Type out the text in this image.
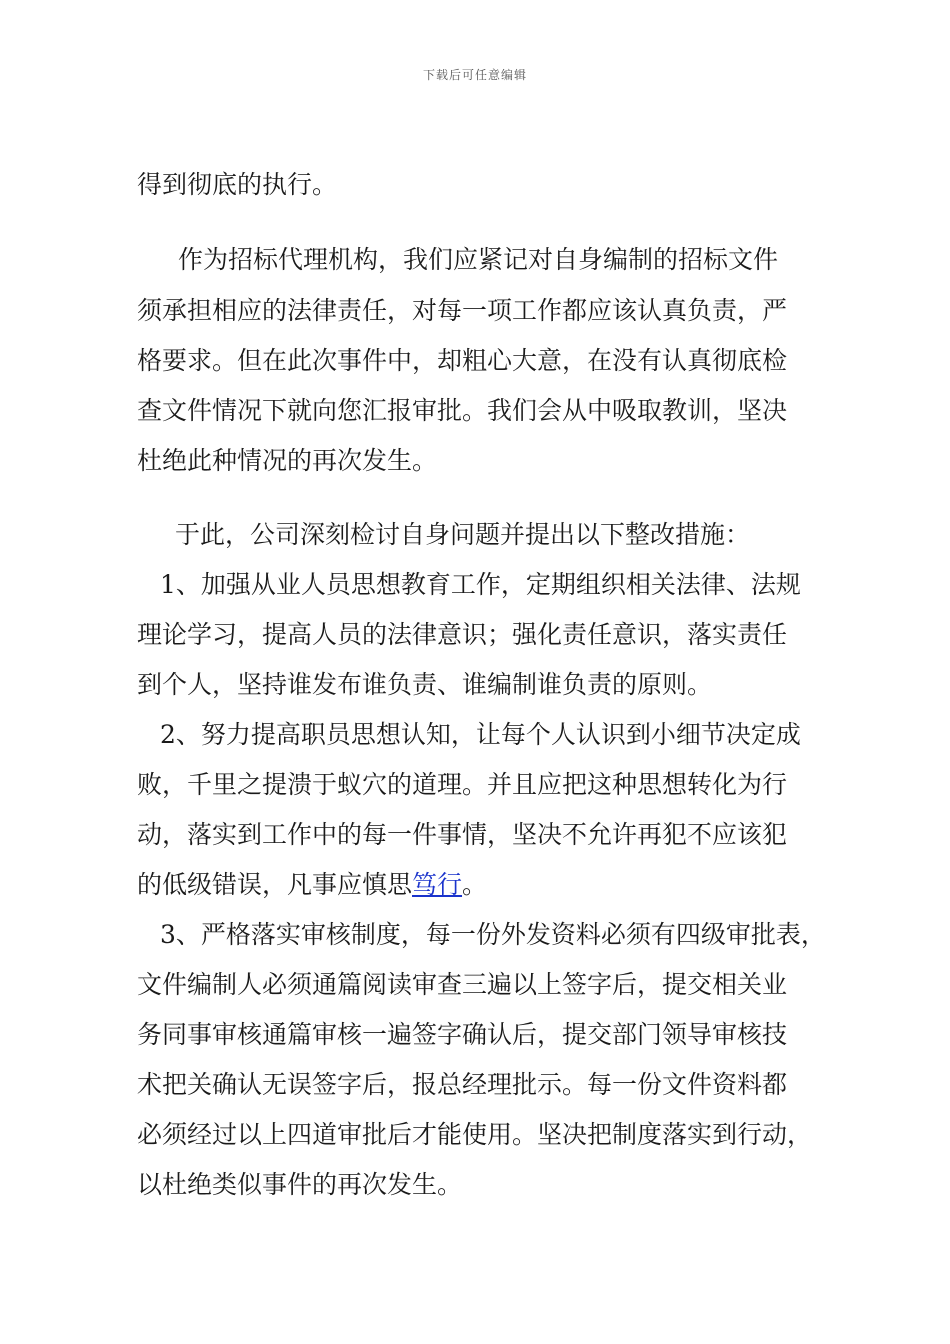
下载后可任意编辑
得到彻底的执行。
作为招标代理机构，我们应紧记对自身编制的招标文件
须承担相应的法律责任，对每一项工作都应该认真负责，严
格要求。但在此次事件中，却粗心大意，在没有认真彻底检
查文件情况下就向您汇报审批。我们会从中吸取教训，坚决
杜绝此种情况的再次发生。
于此，公司深刻检讨自身问题并提出以下整改措施：
1、加强从业人员思想教育工作，定期组织相关法律、法规
理论学习，提高人员的法律意识；强化责任意识，落实责任
到个人，坚持谁发布谁负责、谁编制谁负责的原则。
2、努力提高职员思想认知，让每个人认识到小细节决定成
败，千里之提溃于蚁穴的道理。并且应把这种思想转化为行
动，落实到工作中的每一件事情，坚决不允许再犯不应该犯
的低级错误，凡事应慎思笃行。
3、严格落实审核制度，每一份外发资料必须有四级审批表，
文件编制人必须通篇阅读审查三遍以上签字后，提交相关业
务同事审核通篇审核一遍签字确认后，提交部门领导审核技
术把关确认无误签字后，报总经理批示。每一份文件资料都
必须经过以上四道审批后才能使用。坚决把制度落实到行动，
以杜绝类似事件的再次发生。
